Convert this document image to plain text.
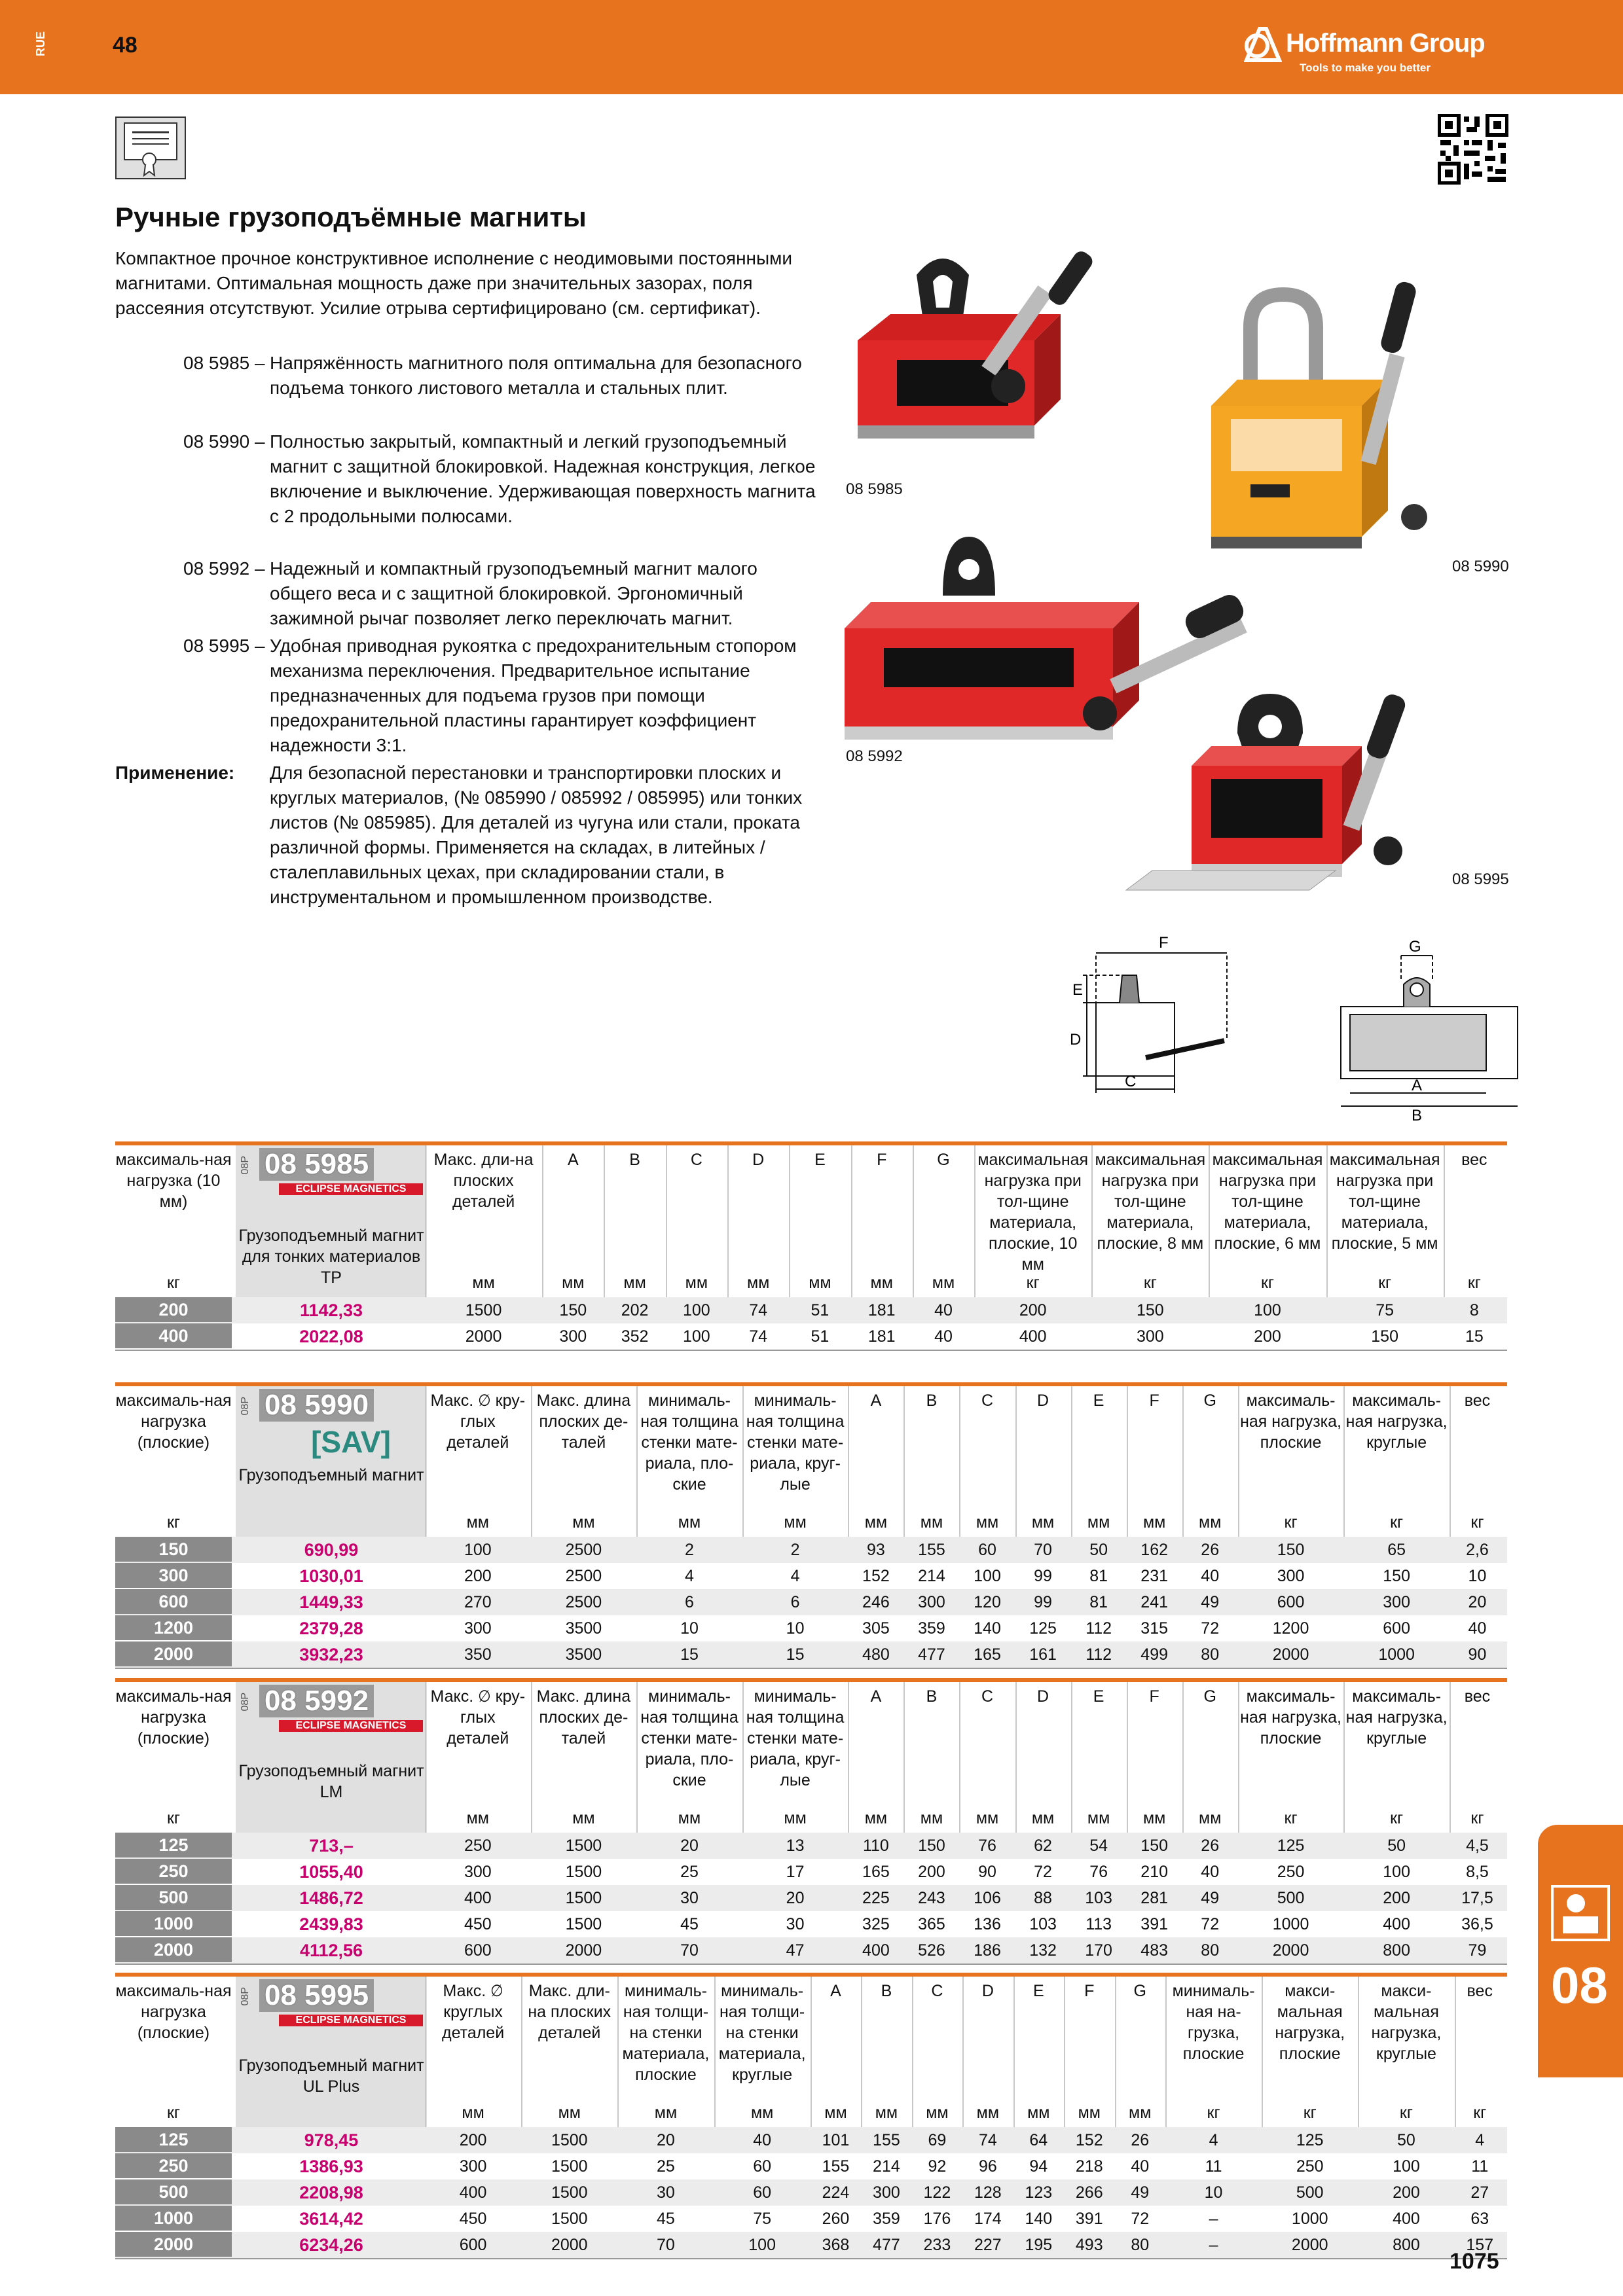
RUE	48	Hoffmann Group
Tools to make you better
Ручные грузоподъёмные магниты
Компактное прочное конструктивное исполнение с неодимовыми постоянными магнитами. Оптимальная мощность даже при значительных зазорах, поля рассеяния отсутствуют. Усилие отрыва сертифицировано (см. сертификат).
08 5985 – Напряжённость магнитного поля оптимальна для безопасного подъема тонкого листового металла и стальных плит.
08 5990 – Полностью закрытый, компактный и легкий грузоподъемный магнит с защитной блокировкой. Надежная конструкция, легкое включение и выключение. Удерживающая поверхность магнита с 2 продольными полюсами.
08 5992 – Надежный и компактный грузоподъемный магнит малого общего веса и с защитной блокировкой. Эргономичный зажимной рычаг позволяет легко переключать магнит.
08 5995 – Удобная приводная рукоятка с предохранительным стопором механизма переключения. Предварительное испытание предназначенных для подъема грузов при помощи предохранительной пластины гарантирует коэффициент надежности 3:1.
Применение:	Для безопасной перестановки и транспортировки плоских и круглых материалов, (№ 085990 / 085992 / 085995) или тонких листов (№ 085985). Для деталей из чугуна или стали, проката различной формы. Применяется на складах, в литейных / сталеплавильных цехах, при складировании стали, в инструментальном и промышленном производстве.
08 5985
08 5990
08 5992
08 5995
F
E
D
C
G
A
B
максималь-ная нагрузка (10 мм)
кг
08P 08 5985
ECLIPSE MAGNETICS
Грузоподъемный магнит для тонких материалов TP
Макс. дли-на плоских деталей
мм
A
мм
B
мм
C
мм
D
мм
E
мм
F
мм
G
мм
максимальная нагрузка при тол-щине материала, плоские, 10 мм
кг
максимальная нагрузка при тол-щине материала, плоские, 8 мм
кг
максимальная нагрузка при тол-щине материала, плоские, 6 мм
кг
максимальная нагрузка при тол-щине материала, плоские, 5 мм
кг
вес
кг
200	1142,33	1500	150	202	100	74	51	181	40	200	150	100	75	8
400	2022,08	2000	300	352	100	74	51	181	40	400	300	200	150	15
максималь-ная нагрузка (плоские)
кг
08P 08 5990
[SAV]
Грузоподъемный магнит
Макс. ∅ кру-глых деталей
мм
Макс. длина плоских де-талей
мм
минималь-ная толщина стенки мате-риала, пло-ские
мм
минималь-ная толщина стенки мате-риала, круг-лые
мм
A
мм
B
мм
C
мм
D
мм
E
мм
F
мм
G
мм
максималь-ная нагрузка, плоские
кг
максималь-ная нагрузка, круглые
кг
вес
кг
150	690,99	100	2500	2	2	93	155	60	70	50	162	26	150	65	2,6
300	1030,01	200	2500	4	4	152	214	100	99	81	231	40	300	150	10
600	1449,33	270	2500	6	6	246	300	120	99	81	241	49	600	300	20
1200	2379,28	300	3500	10	10	305	359	140	125	112	315	72	1200	600	40
2000	3932,23	350	3500	15	15	480	477	165	161	112	499	80	2000	1000	90
максималь-ная нагрузка (плоские)
кг
08P 08 5992
ECLIPSE MAGNETICS
Грузоподъемный магнит LM
Макс. ∅ кру-глых деталей
мм
Макс. длина плоских де-талей
мм
минималь-ная толщина стенки мате-риала, пло-ские
мм
минималь-ная толщина стенки мате-риала, круг-лые
мм
A
мм
B
мм
C
мм
D
мм
E
мм
F
мм
G
мм
максималь-ная нагрузка, плоские
кг
максималь-ная нагрузка, круглые
кг
вес
кг
125	713,–	250	1500	20	13	110	150	76	62	54	150	26	125	50	4,5
250	1055,40	300	1500	25	17	165	200	90	72	76	210	40	250	100	8,5
500	1486,72	400	1500	30	20	225	243	106	88	103	281	49	500	200	17,5
1000	2439,83	450	1500	45	30	325	365	136	103	113	391	72	1000	400	36,5
2000	4112,56	600	2000	70	47	400	526	186	132	170	483	80	2000	800	79
максималь-ная нагрузка (плоские)
кг
08P 08 5995
ECLIPSE MAGNETICS
Грузоподъемный магнит UL Plus
Макс. ∅ круглых деталей
мм
Макс. дли-на плоских деталей
мм
минималь-ная толщи-на стенки материала, плоские
мм
минималь-ная толщи-на стенки материала, круглые
мм
A
мм
B
мм
C
мм
D
мм
E
мм
F
мм
G
мм
минималь-ная на-грузка, плоские
кг
макси-мальная нагрузка, плоские
кг
макси-мальная нагрузка, круглые
кг
вес
кг
125	978,45	200	1500	20	40	101	155	69	74	64	152	26	4	125	50	4
250	1386,93	300	1500	25	60	155	214	92	96	94	218	40	11	250	100	11
500	2208,98	400	1500	30	60	224	300	122	128	123	266	49	10	500	200	27
1000	3614,42	450	1500	45	75	260	359	176	174	140	391	72	–	1000	400	63
2000	6234,26	600	2000	70	100	368	477	233	227	195	493	80	–	2000	800	157
08
1075
